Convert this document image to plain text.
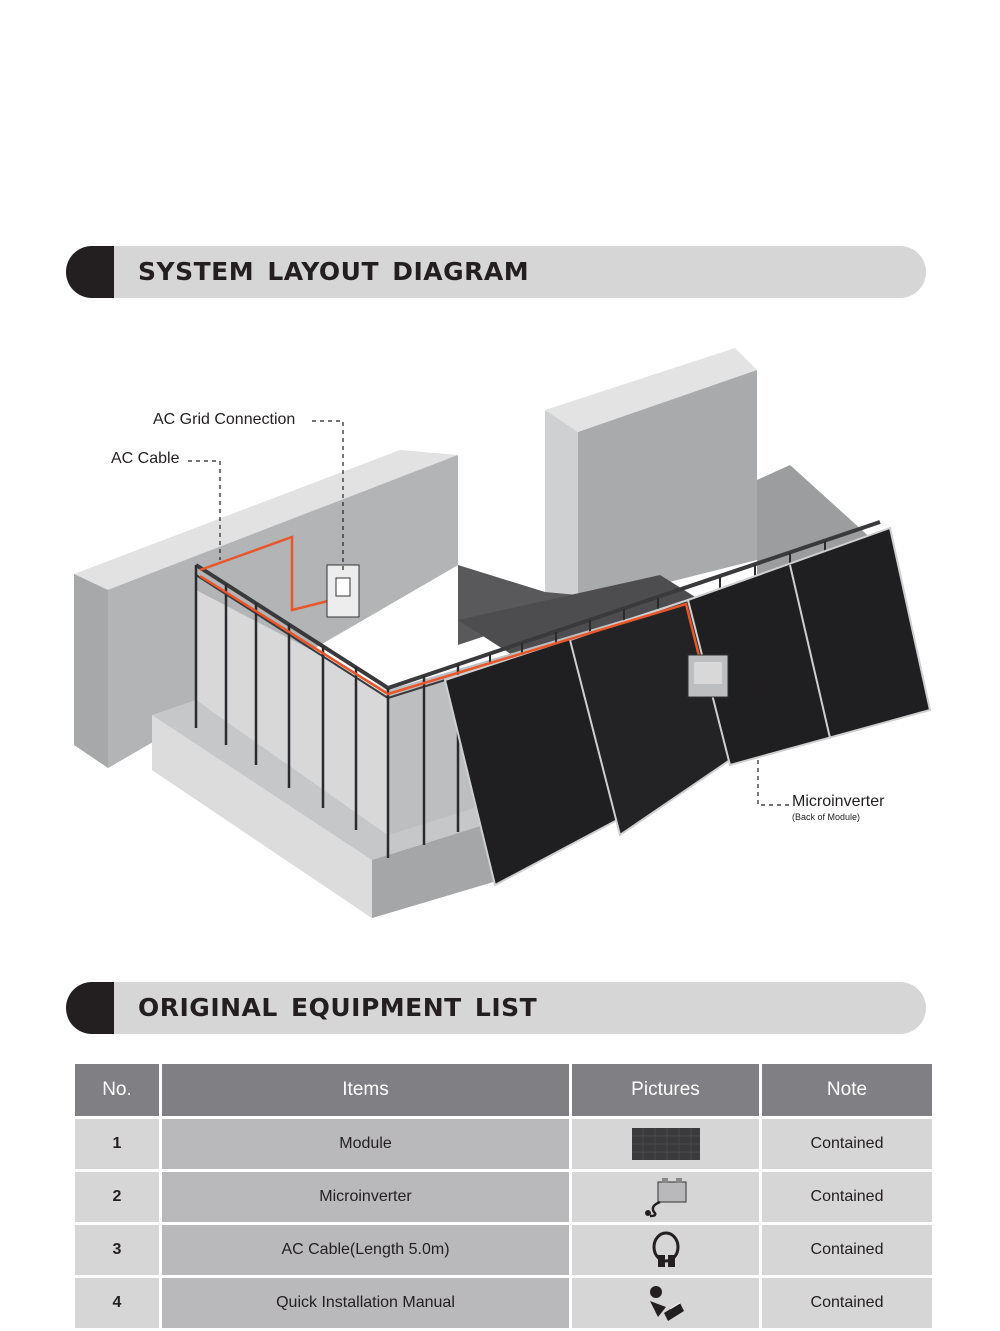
SYSTEM LAYOUT DIAGRAM
AC Grid Connection
AC Cable
Microinverter
(Back of Module)
ORIGINAL EQUIPMENT LIST
No.	Items	Pictures	Note
1	Module		Contained
2	Microinverter		Contained
3	AC Cable(Length 5.0m)		Contained
4	Quick Installation Manual		Contained
